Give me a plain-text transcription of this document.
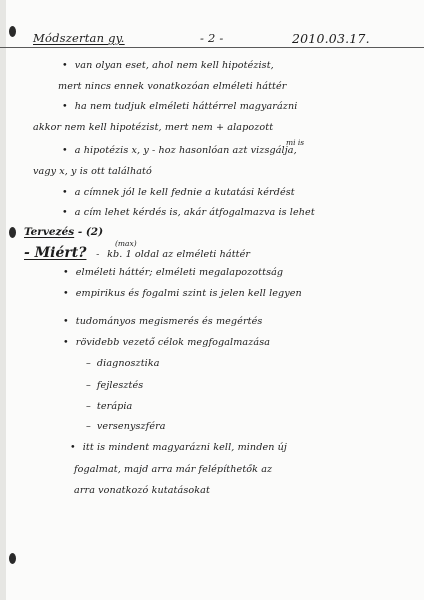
Módszertan gy.	- 2 -	2010.03.17.
• van olyan eset, ahol nem kell hipotézist,
mert nincs ennek vonatkozóan elméleti háttér
• ha nem tudjuk elméleti háttérrel magyarázni
akkor nem kell hipotézist, mert nem + alapozott
mi is
• a hipotézis x, y - hoz hasonlóan azt vizsgálja,
vagy x, y is ott található
• a címnek jól le kell fednie a kutatási kérdést
• a cím lehet kérdés is, akár átfogalmazva is lehet
Tervezés - (2)
(max)
- Miért? - kb. 1 oldal az elméleti háttér
• elméleti háttér; elméleti megalapozottság
• empirikus és fogalmi szint is jelen kell legyen
• tudományos megismerés és megértés
• rövidebb vezető célok megfogalmazása
– diagnosztika
– fejlesztés
– terápia
– versenyszféra
• itt is mindent magyarázni kell, minden új
fogalmat, majd arra már felépíthetők az
arra vonatkozó kutatásokat
